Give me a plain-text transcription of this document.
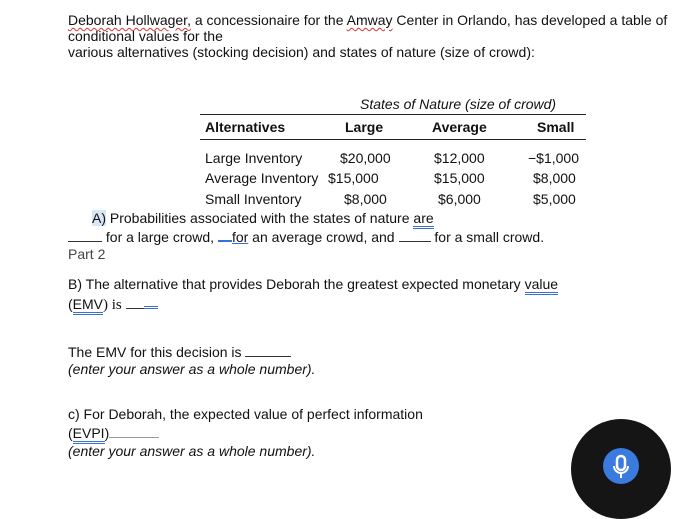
Deborah Hollwager, a concessionaire for the Amway Center in Orlando, has developed a table of
conditional values for the
various alternatives (stocking decision) and states of nature (size of crowd):
States of Nature (size of crowd)
Alternatives	Large	Average	Small
Large Inventory	$20,000	$12,000	−$1,000
Average Inventory $15,000	$15,000	$8,000
Small Inventory	$8,000	$6,000	$5,000
A) Probabilities associated with the states of nature are
for a large crowd, for an average crowd, and  for a small crowd.
Part 2
B) The alternative that provides Deborah the greatest expected monetary value
(EMV) is
The EMV for this decision is
(enter your answer as a whole number).
c) For Deborah, the expected value of perfect information
(EVPI)
(enter your answer as a whole number).
